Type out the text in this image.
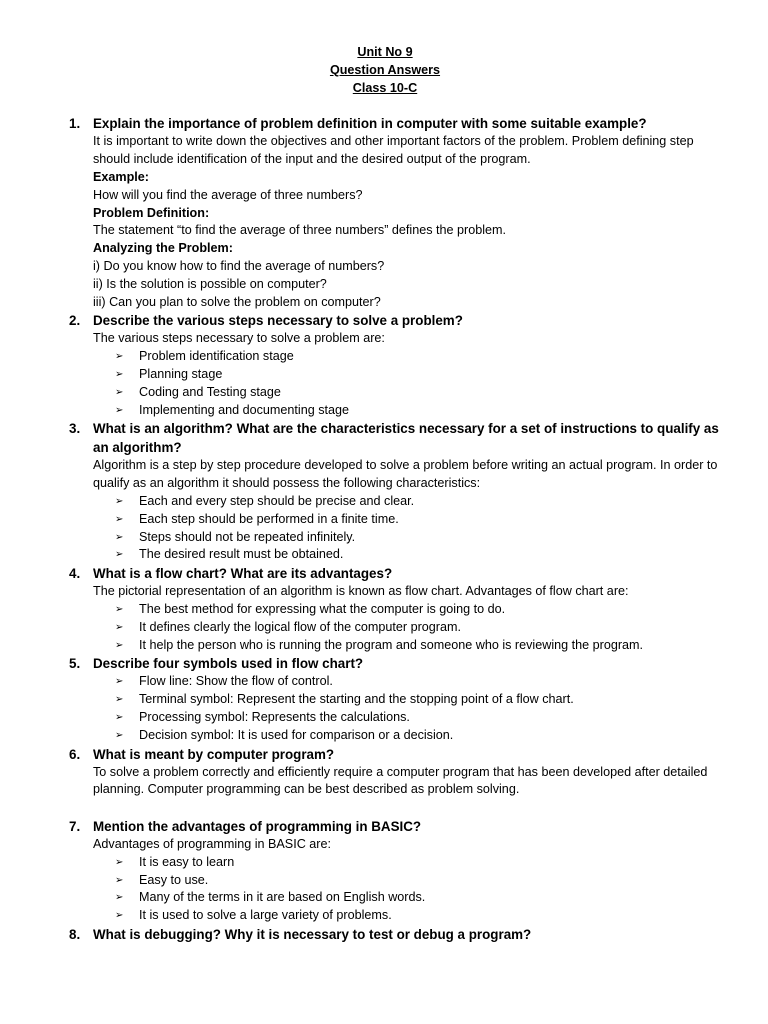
Unit No 9
Question Answers
Class 10-C
1. Explain the importance of problem definition in computer with some suitable example?
It is important to write down the objectives and other important factors of the problem. Problem defining step should include identification of the input and the desired output of the program.
Example:
How will you find the average of three numbers?
Problem Definition:
The statement “to find the average of three numbers” defines the problem.
Analyzing the Problem:
i) Do you know how to find the average of numbers?
ii) Is the solution is possible on computer?
iii) Can you plan to solve the problem on computer?
2. Describe the various steps necessary to solve a problem?
The various steps necessary to solve a problem are:
➢ Problem identification stage
➢ Planning stage
➢ Coding and Testing stage
➢ Implementing and documenting stage
3. What is an algorithm? What are the characteristics necessary for a set of instructions to qualify as an algorithm?
Algorithm is a step by step procedure developed to solve a problem before writing an actual program. In order to qualify as an algorithm it should possess the following characteristics:
➢ Each and every step should be precise and clear.
➢ Each step should be performed in a finite time.
➢ Steps should not be repeated infinitely.
➢ The desired result must be obtained.
4. What is a flow chart? What are its advantages?
The pictorial representation of an algorithm is known as flow chart. Advantages of flow chart are:
➢ The best method for expressing what the computer is going to do.
➢ It defines clearly the logical flow of the computer program.
➢ It help the person who is running the program and someone who is reviewing the program.
5. Describe four symbols used in flow chart?
➢ Flow line: Show the flow of control.
➢ Terminal symbol: Represent the starting and the stopping point of a flow chart.
➢ Processing symbol: Represents the calculations.
➢ Decision symbol: It is used for comparison or a decision.
6. What is meant by computer program?
To solve a problem correctly and efficiently require a computer program that has been developed after detailed planning. Computer programming can be best described as problem solving.
7. Mention the advantages of programming in BASIC?
Advantages of programming in BASIC are:
➢ It is easy to learn
➢ Easy to use.
➢ Many of the terms in it are based on English words.
➢ It is used to solve a large variety of problems.
8. What is debugging? Why it is necessary to test or debug a program?
